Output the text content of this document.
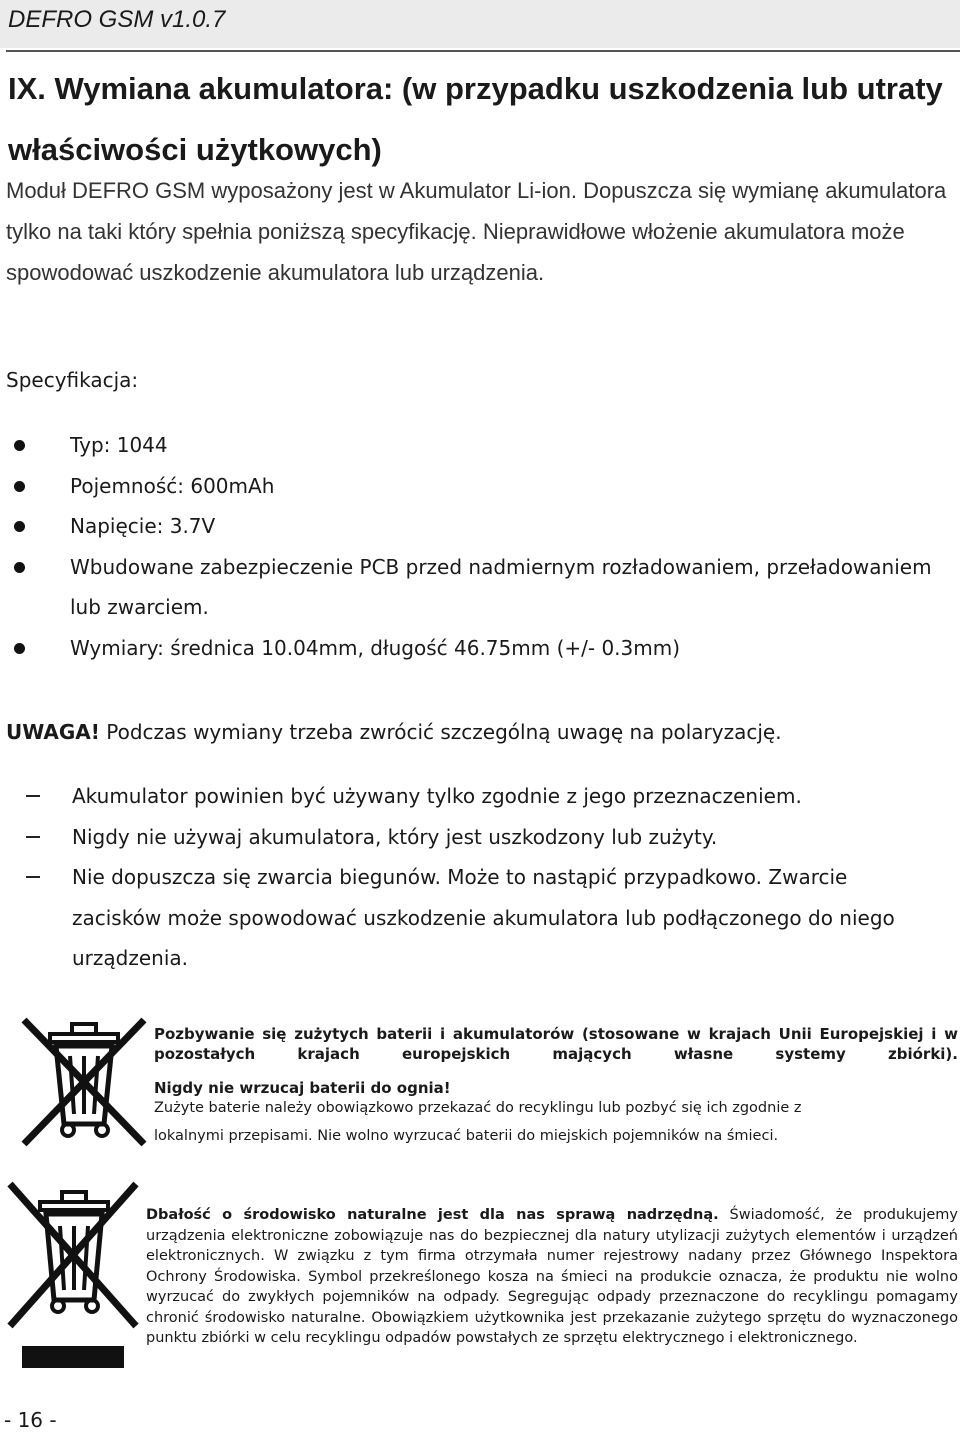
DEFRO GSM v1.0.7
IX. Wymiana akumulatora: (w przypadku uszkodzenia lub utraty właściwości użytkowych)

Moduł DEFRO GSM wyposażony jest w Akumulator Li-ion. Dopuszcza się wymianę akumulatora tylko na taki który spełnia poniższą specyfikację. Nieprawidłowe włożenie akumulatora może spowodować uszkodzenie akumulatora lub urządzenia.

Specyfikacja:
Typ: 1044
Pojemność: 600mAh
Napięcie: 3.7V
Wbudowane zabezpieczenie PCB przed nadmiernym rozładowaniem, przeładowaniem lub zwarciem.
Wymiary: średnica 10.04mm, długość 46.75mm (+/- 0.3mm)
UWAGA! Podczas wymiany trzeba zwrócić szczególną uwagę na polaryzację.
Akumulator powinien być używany tylko zgodnie z jego przeznaczeniem.
Nigdy nie używaj akumulatora, który jest uszkodzony lub zużyty.
Nie dopuszcza się zwarcia biegunów. Może to nastąpić przypadkowo. Zwarcie zacisków może spowodować uszkodzenie akumulatora lub podłączonego do niego urządzenia.
Pozbywanie się zużytych baterii i akumulatorów (stosowane w krajach Unii Europejskiej i w pozostałych krajach europejskich mających własne systemy zbiórki).
Nigdy nie wrzucaj baterii do ognia!
Zużyte baterie należy obowiązkowo przekazać do recyklingu lub pozbyć się ich zgodnie z
lokalnymi przepisami. Nie wolno wyrzucać baterii do miejskich pojemników na śmieci.

Dbałość o środowisko naturalne jest dla nas sprawą nadrzędną. Świadomość, że produkujemy urządzenia elektroniczne zobowiązuje nas do bezpiecznej dla natury utylizacji zużytych elementów i urządzeń elektronicznych. W związku z tym firma otrzymała numer rejestrowy nadany przez Głównego Inspektora Ochrony Środowiska. Symbol przekreślonego kosza na śmieci na produkcie oznacza, że produktu nie wolno wyrzucać do zwykłych pojemników na odpady. Segregując odpady przeznaczone do recyklingu pomagamy chronić środowisko naturalne. Obowiązkiem użytkownika jest przekazanie zużytego sprzętu do wyznaczonego punktu zbiórki w celu recyklingu odpadów powstałych ze sprzętu elektrycznego i elektronicznego.

- 16 -
